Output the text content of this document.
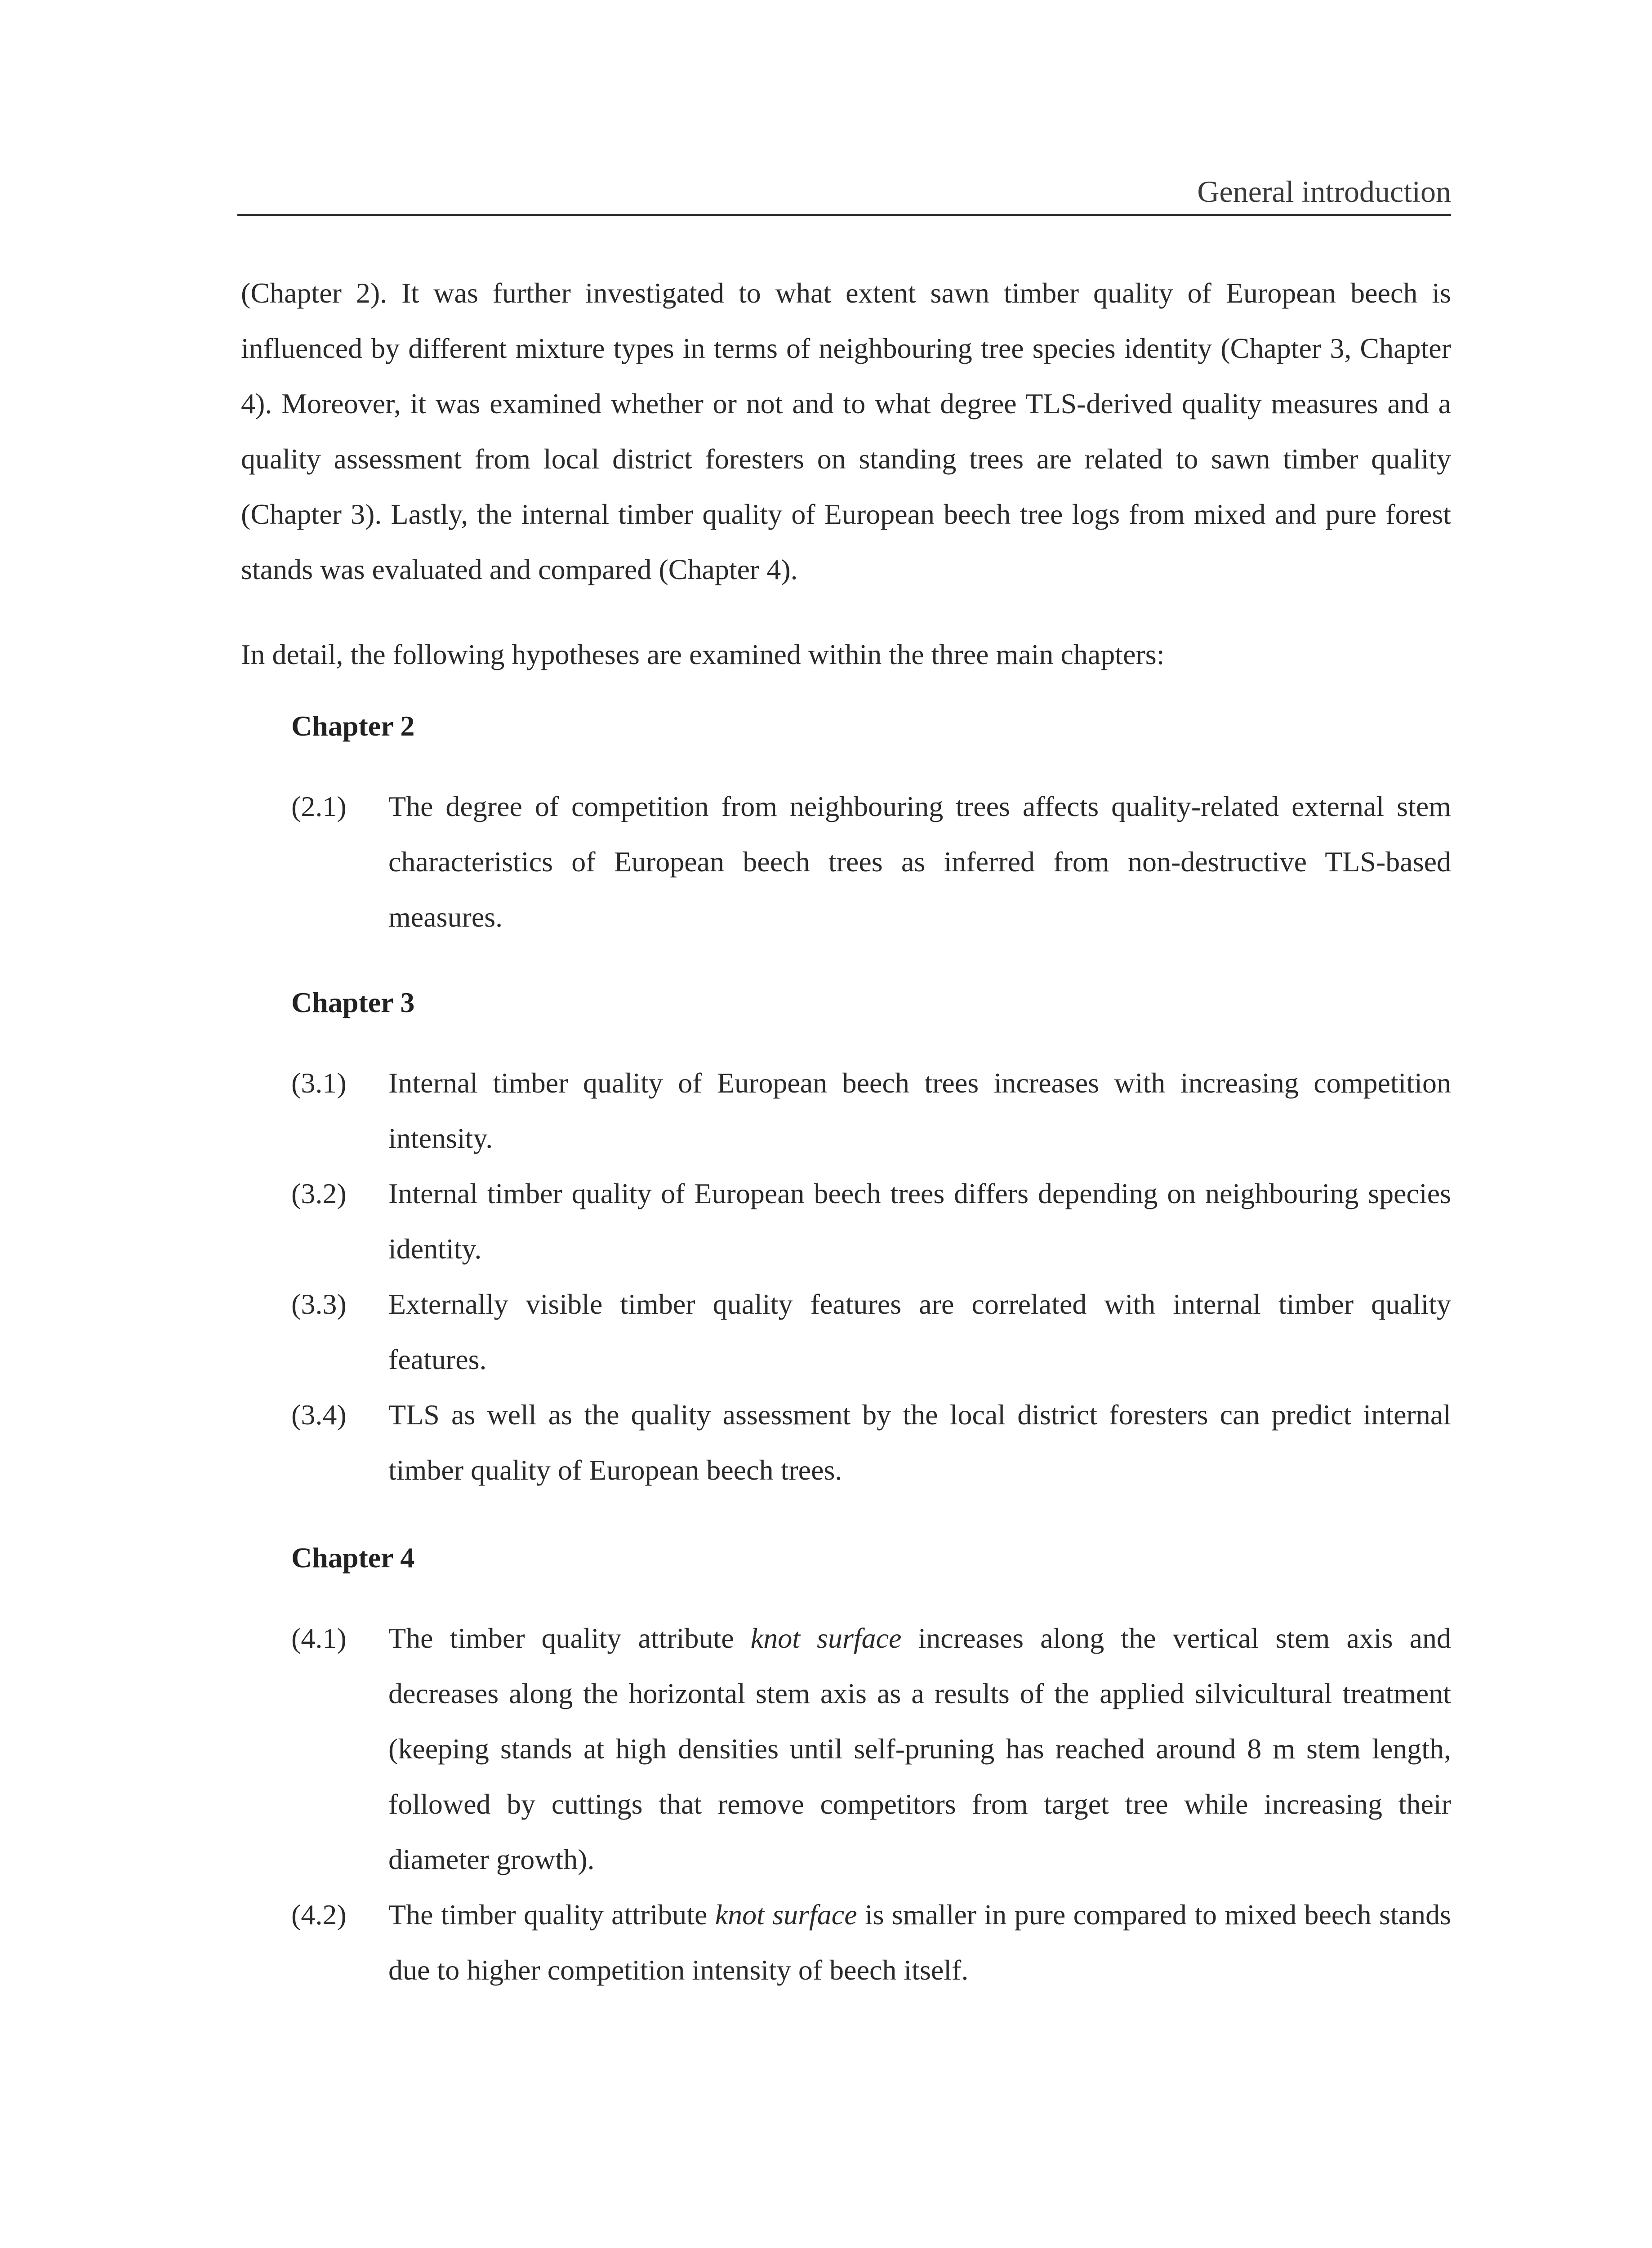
General introduction

(Chapter 2). It was further investigated to what extent sawn timber quality of European beech is influenced by different mixture types in terms of neighbouring tree species identity (Chapter 3, Chapter 4). Moreover, it was examined whether or not and to what degree TLS-derived quality measures and a quality assessment from local district foresters on standing trees are related to sawn timber quality (Chapter 3). Lastly, the internal timber quality of European beech tree logs from mixed and pure forest stands was evaluated and compared (Chapter 4).

In detail, the following hypotheses are examined within the three main chapters:

Chapter 2
(2.1)	The degree of competition from neighbouring trees affects quality-related external stem characteristics of European beech trees as inferred from non-destructive TLS-based measures.
Chapter 3
(3.1)	Internal timber quality of European beech trees increases with increasing competition intensity.
(3.2)	Internal timber quality of European beech trees differs depending on neighbouring species identity.
(3.3)	Externally visible timber quality features are correlated with internal timber quality features.
(3.4)	TLS as well as the quality assessment by the local district foresters can predict internal timber quality of European beech trees.
Chapter 4
(4.1)	The timber quality attribute knot surface increases along the vertical stem axis and decreases along the horizontal stem axis as a results of the applied silvicultural treatment (keeping stands at high densities until self-pruning has reached around 8 m stem length, followed by cuttings that remove competitors from target tree while increasing their diameter growth).
(4.2)	The timber quality attribute knot surface is smaller in pure compared to mixed beech stands due to higher competition intensity of beech itself.
